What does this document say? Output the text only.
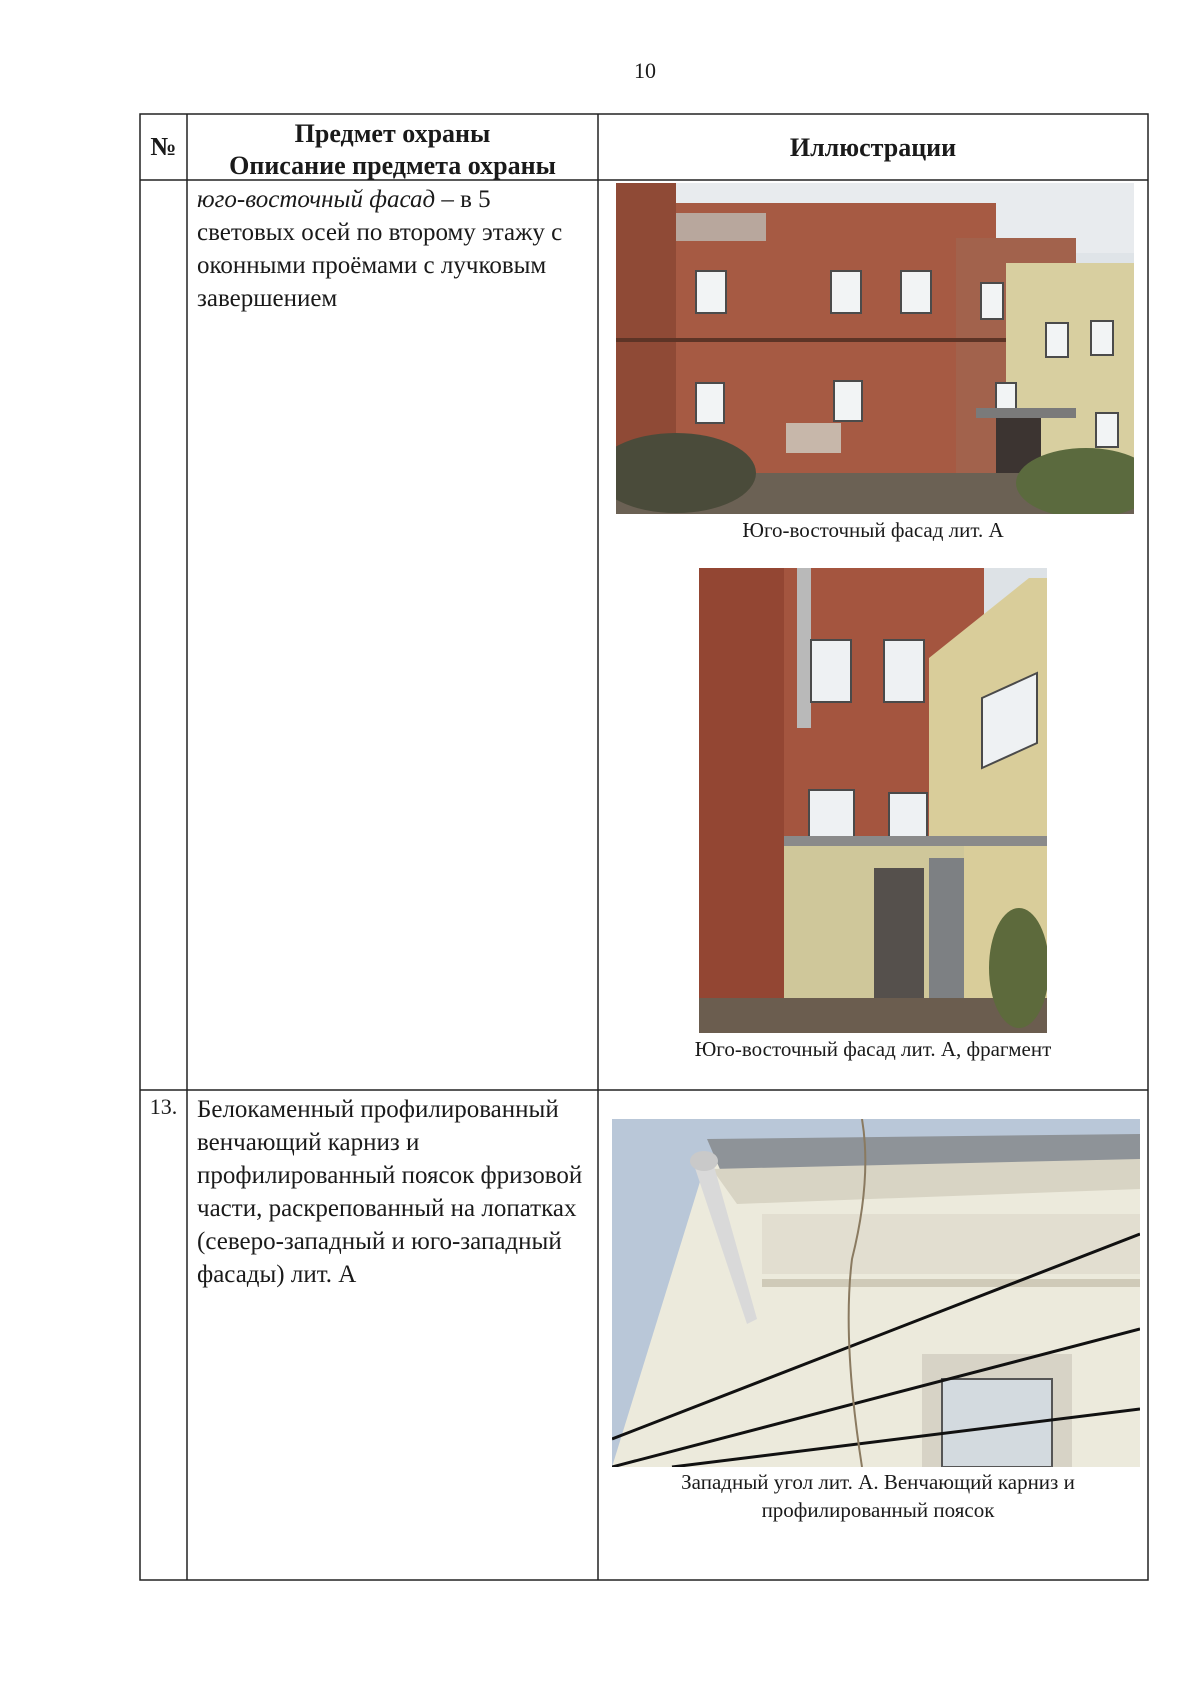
10
№	Предмет охраны
Описание предмета охраны
Иллюстрации
юго-восточный фасад – в 5 световых осей по второму этажу с оконными проёмами с лучковым завершением
Юго-восточный фасад лит. А
Юго-восточный фасад лит. А, фрагмент
13. Белокаменный профилированный венчающий карниз и профилированный поясок фризовой части, раскрепованный на лопатках (северо-западный и юго-западный фасады) лит. А
Западный угол лит. А. Венчающий карниз и профилированный поясок
